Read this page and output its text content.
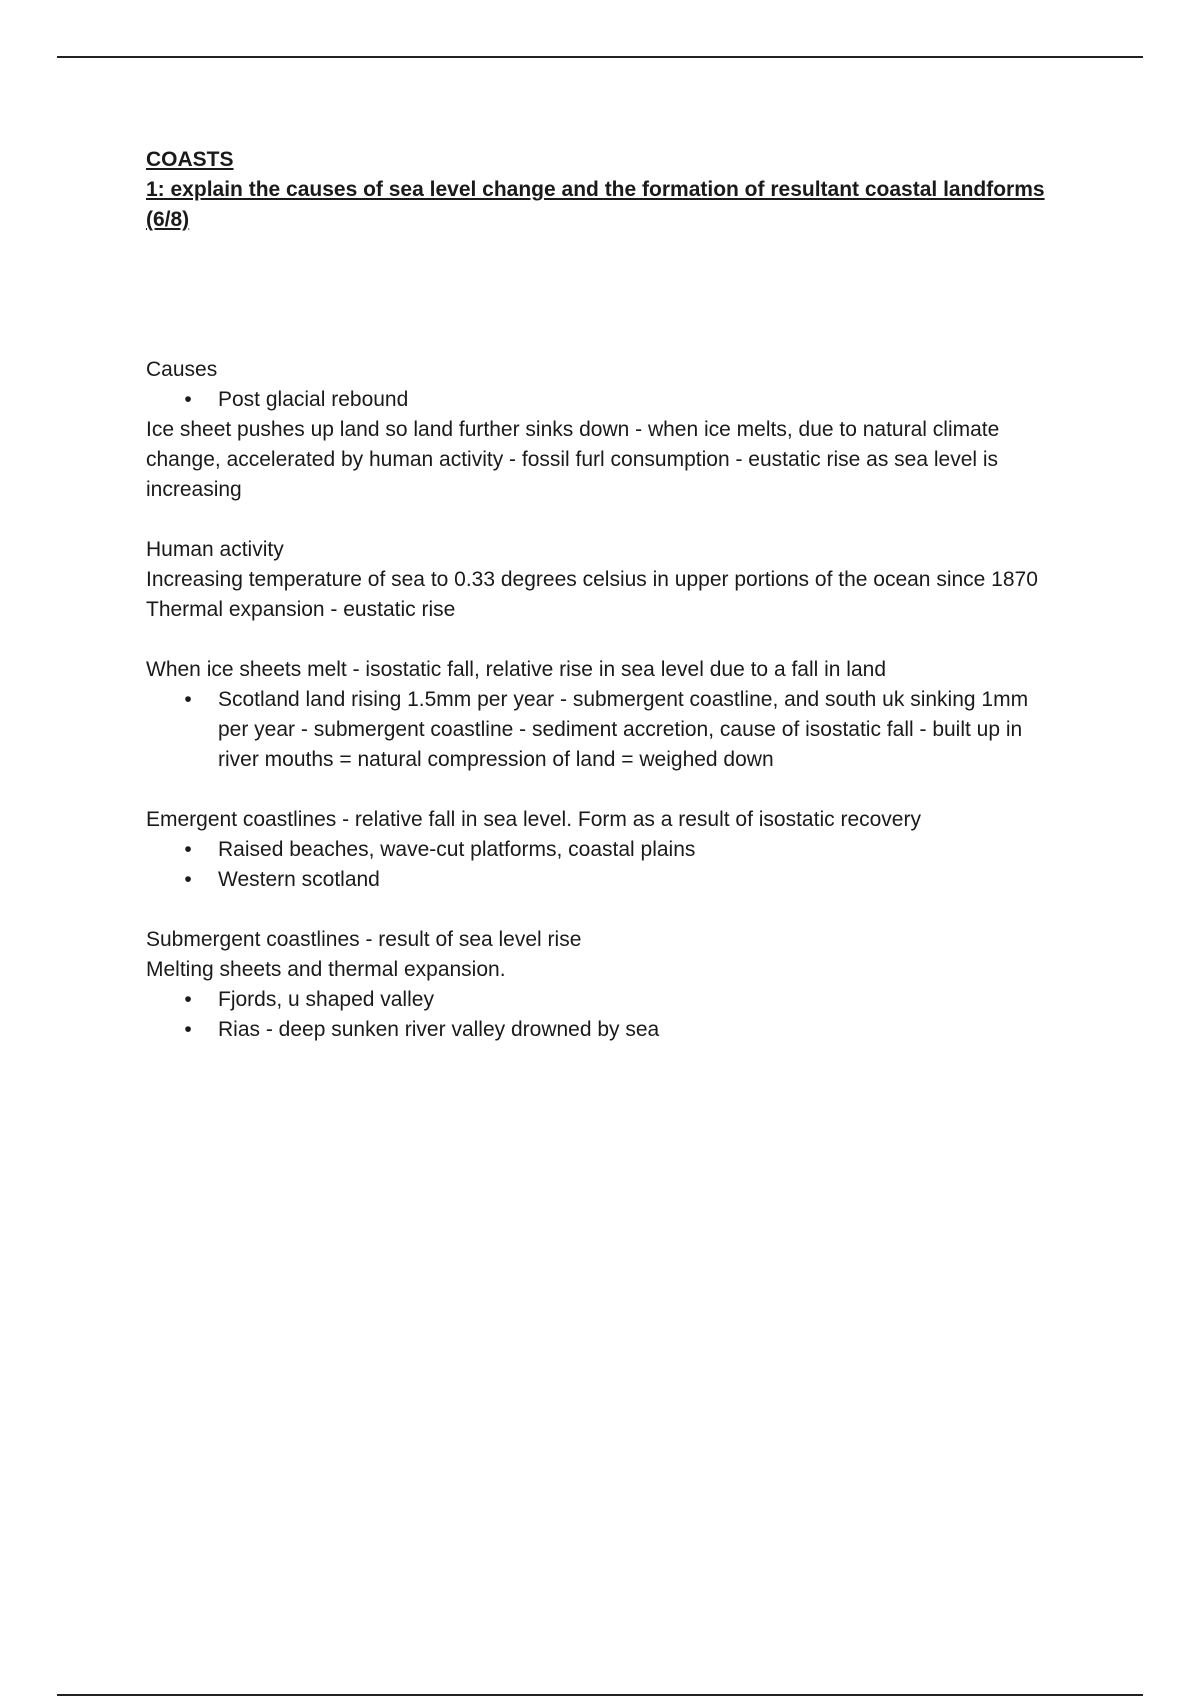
COASTS
1: explain the causes of sea level change and the formation of resultant coastal landforms (6/8)

Causes

• Post glacial rebound

Ice sheet pushes up land so land further sinks down - when ice melts, due to natural climate change, accelerated by human activity - fossil furl consumption - eustatic rise as sea level is increasing

Human activity

Increasing temperature of sea to 0.33 degrees celsius in upper portions of the ocean since 1870

Thermal expansion - eustatic rise

When ice sheets melt - isostatic fall, relative rise in sea level due to a fall in land

• Scotland land rising 1.5mm per year - submergent coastline, and south uk sinking 1mm per year - submergent coastline - sediment accretion, cause of isostatic fall - built up in river mouths = natural compression of land = weighed down

Emergent coastlines - relative fall in sea level. Form as a result of isostatic recovery

• Raised beaches, wave-cut platforms, coastal plains
• Western scotland

Submergent coastlines - result of sea level rise

Melting sheets and thermal expansion.

• Fjords, u shaped valley
• Rias - deep sunken river valley drowned by sea
